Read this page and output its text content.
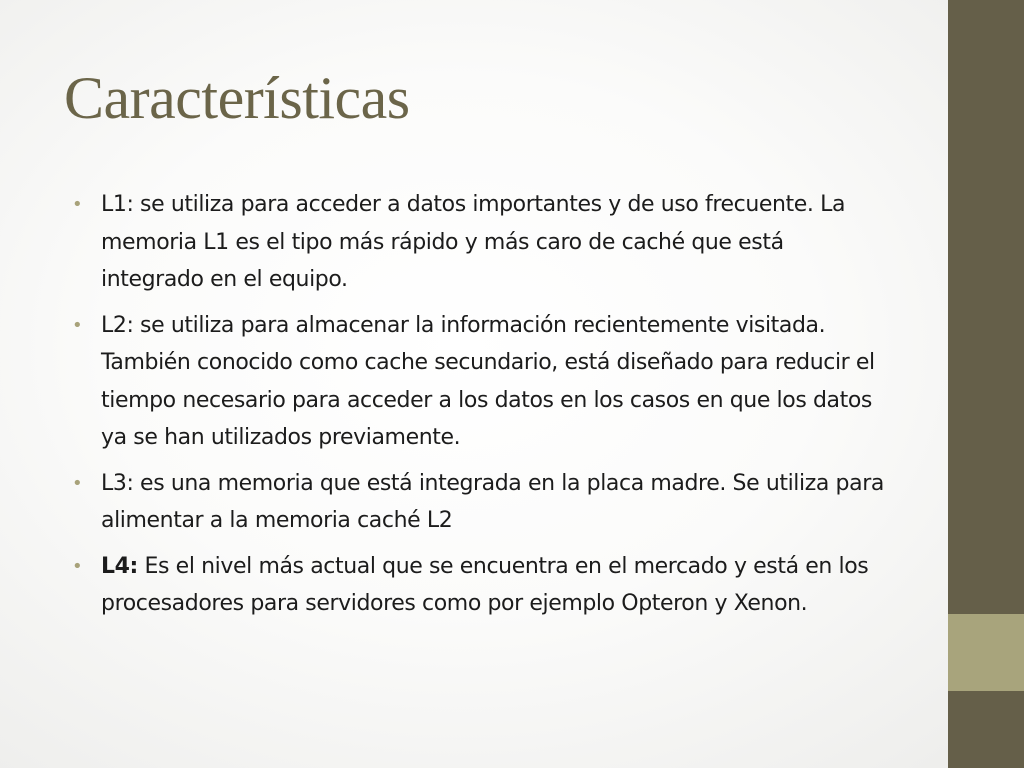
Características
• L1: se utiliza para acceder a datos importantes y de uso frecuente. La memoria L1 es el tipo más rápido y más caro de caché que está integrado en el equipo.
• L2: se utiliza para almacenar la información recientemente visitada. También conocido como cache secundario, está diseñado para reducir el tiempo necesario para acceder a los datos en los casos en que los datos ya se han utilizados previamente.
• L3: es una memoria que está integrada en la placa madre. Se utiliza para alimentar a la memoria caché L2
• L4: Es el nivel más actual que se encuentra en el mercado y está en los procesadores para servidores como por ejemplo Opteron y Xenon.
